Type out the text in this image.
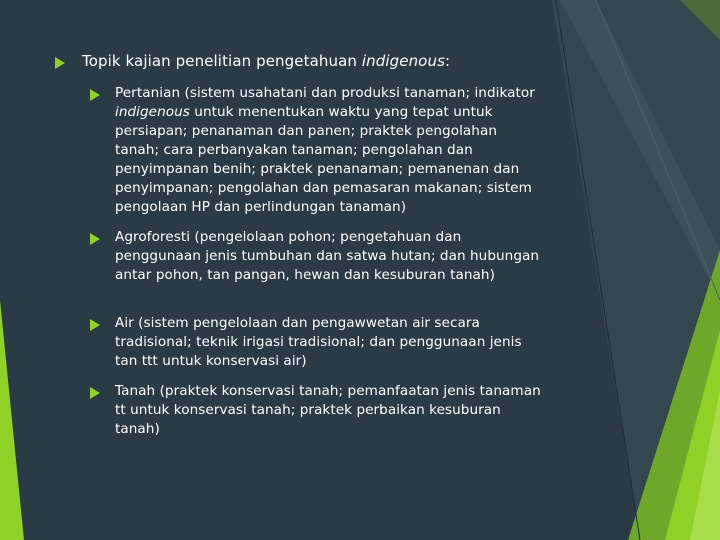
Topik kajian penelitian pengetahuan indigenous:
Pertanian (sistem usahatani dan produksi tanaman; indikator indigenous untuk menentukan waktu yang tepat untuk persiapan; penanaman dan panen; praktek pengolahan tanah; cara perbanyakan tanaman; pengolahan dan penyimpanan benih; praktek penanaman; pemanenan dan penyimpanan; pengolahan dan pemasaran makanan; sistem pengolaan HP dan perlindungan tanaman)
Agroforesti (pengelolaan pohon; pengetahuan dan penggunaan jenis tumbuhan dan satwa hutan; dan hubungan antar pohon, tan pangan, hewan dan kesuburan tanah)
Air (sistem pengelolaan dan pengawwetan air secara tradisional; teknik irigasi tradisional; dan penggunaan jenis tan ttt untuk konservasi air)
Tanah (praktek konservasi tanah; pemanfaatan jenis tanaman tt untuk konservasi tanah; praktek perbaikan kesuburan tanah)
